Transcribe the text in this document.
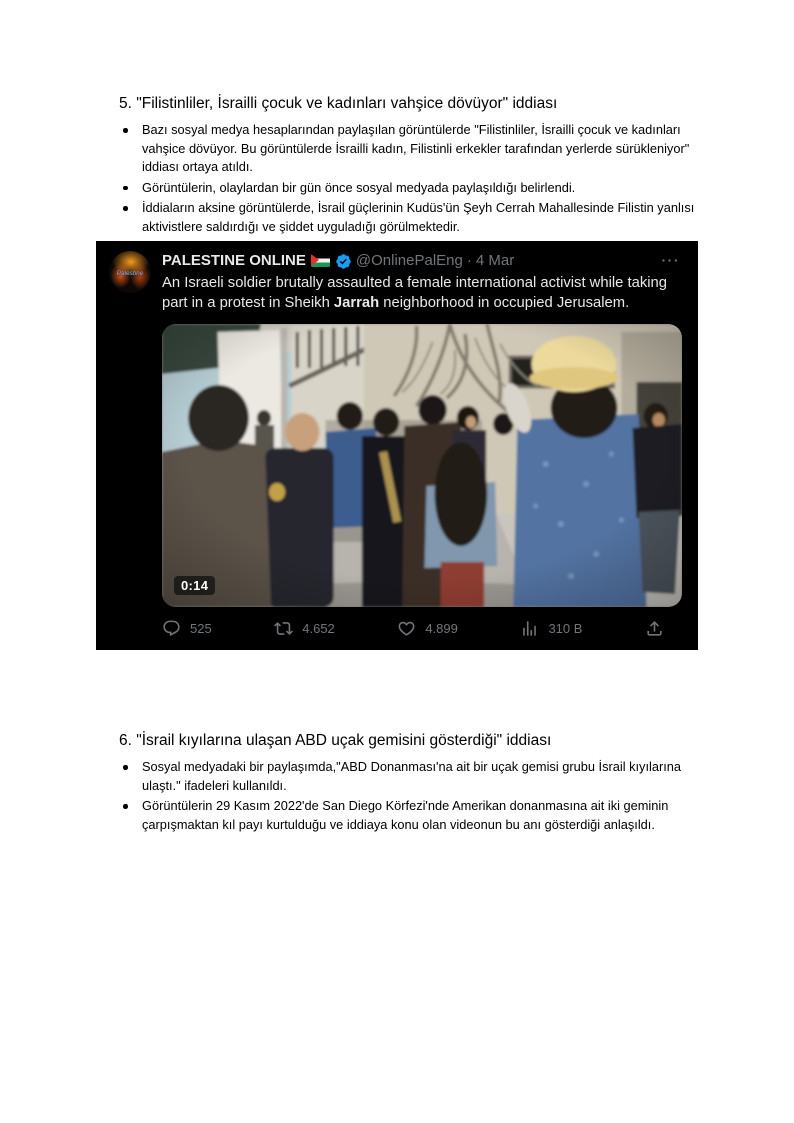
5. "Filistinliler, İsrailli çocuk ve kadınları vahşice dövüyor" iddiası
Bazı sosyal medya hesaplarından paylaşılan görüntülerde "Filistinliler, İsrailli çocuk ve kadınları vahşice dövüyor. Bu görüntülerde İsrailli kadın, Filistinli erkekler tarafından yerlerde sürükleniyor" iddiası ortaya atıldı.
Görüntülerin, olaylardan bir gün önce sosyal medyada paylaşıldığı belirlendi.
İddiaların aksine görüntülerde, İsrail güçlerinin Kudüs'ün Şeyh Cerrah Mahallesinde Filistin yanlısı aktivistlere saldırdığı ve şiddet uyguladığı görülmektedir.
Palestine
PALESTINE ONLINE	@OnlinePalEng · 4 Mar	···
An Israeli soldier brutally assaulted a female international activist while taking part in a protest in Sheikh Jarrah neighborhood in occupied Jerusalem.
0:14
525	4.652	4.899	310 B
6. "İsrail kıyılarına ulaşan ABD uçak gemisini gösterdiği" iddiası
Sosyal medyadaki bir paylaşımda,"ABD Donanması'na ait bir uçak gemisi grubu İsrail kıyılarına ulaştı." ifadeleri kullanıldı.
Görüntülerin 29 Kasım 2022'de San Diego Körfezi'nde Amerikan donanmasına ait iki geminin çarpışmaktan kıl payı kurtulduğu ve iddiaya konu olan videonun bu anı gösterdiği anlaşıldı.
